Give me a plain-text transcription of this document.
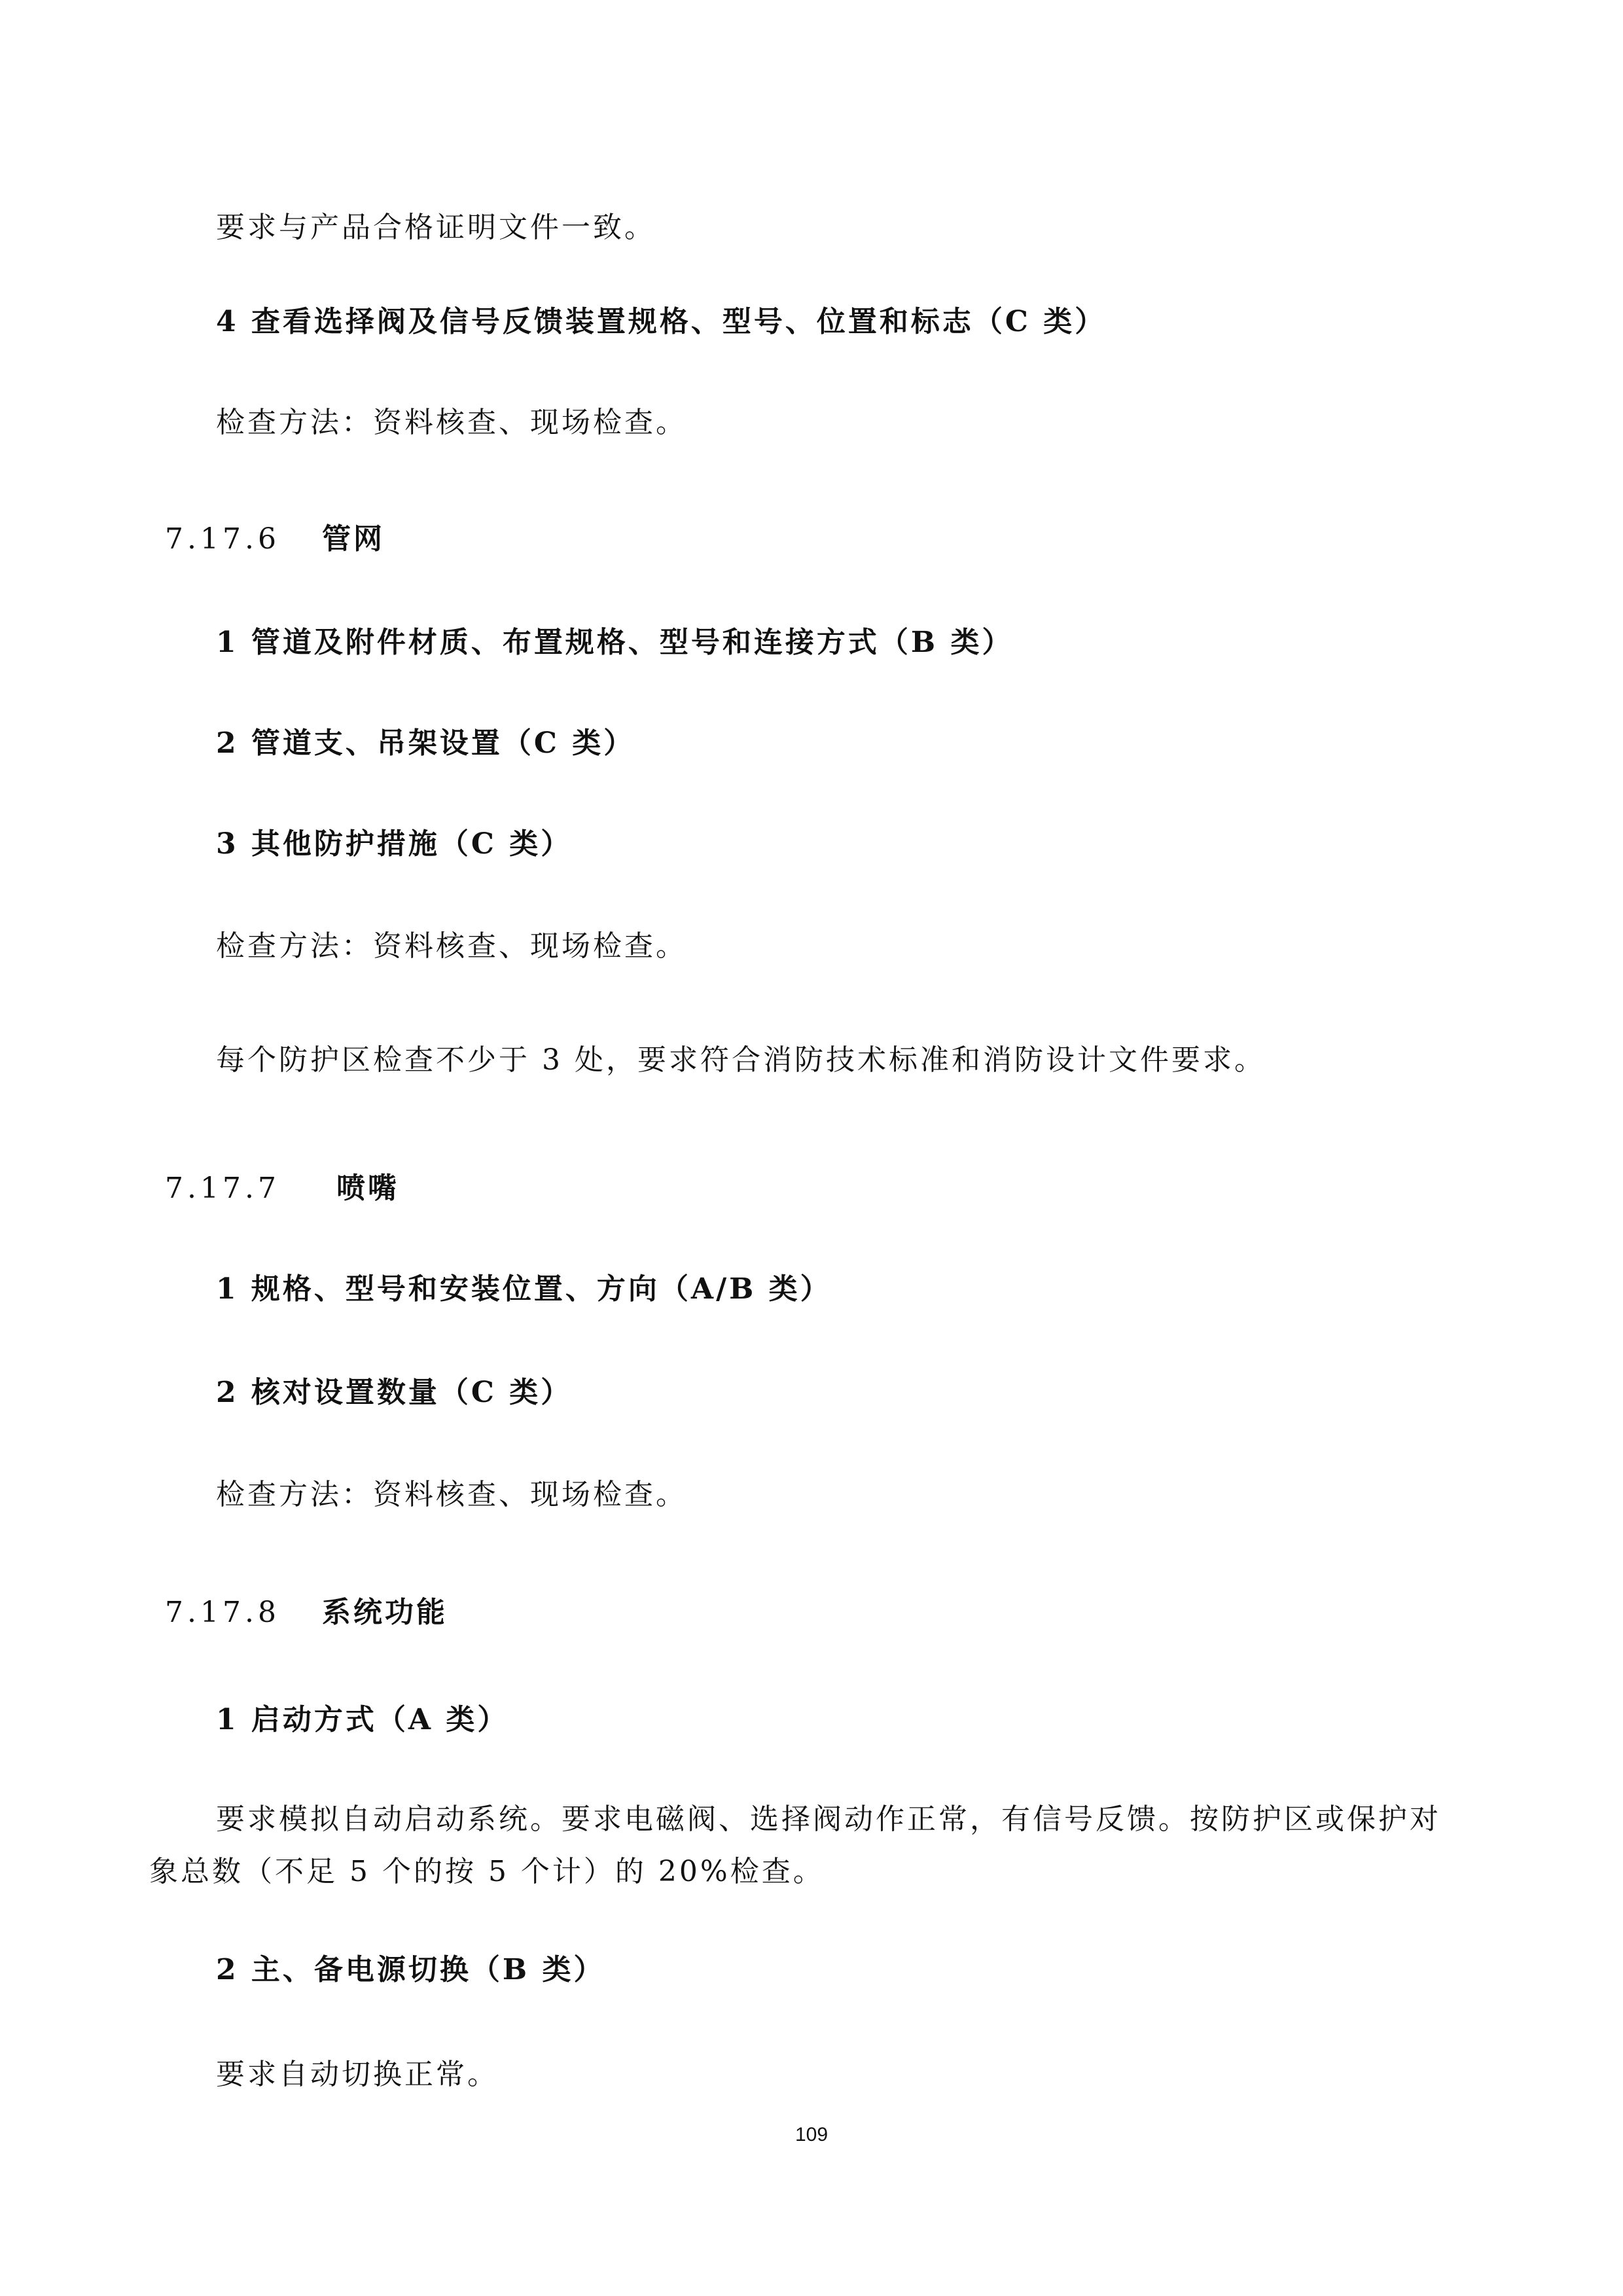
要求与产品合格证明文件一致。
4 查看选择阀及信号反馈装置规格、型号、位置和标志（C 类）
检查方法：资料核查、现场检查。
7.17.6 管网
1 管道及附件材质、布置规格、型号和连接方式（B 类）
2 管道支、吊架设置（C 类）
3 其他防护措施（C 类）
检查方法：资料核查、现场检查。
每个防护区检查不少于 3 处，要求符合消防技术标准和消防设计文件要求。
7.17.7 喷嘴
1 规格、型号和安装位置、方向（A/B 类）
2 核对设置数量（C 类）
检查方法：资料核查、现场检查。
7.17.8 系统功能
1 启动方式（A 类）
要求模拟自动启动系统。要求电磁阀、选择阀动作正常，有信号反馈。按防护区或保护对
象总数（不足 5 个的按 5 个计）的 20%检查。
2 主、备电源切换（B 类）
要求自动切换正常。
109
